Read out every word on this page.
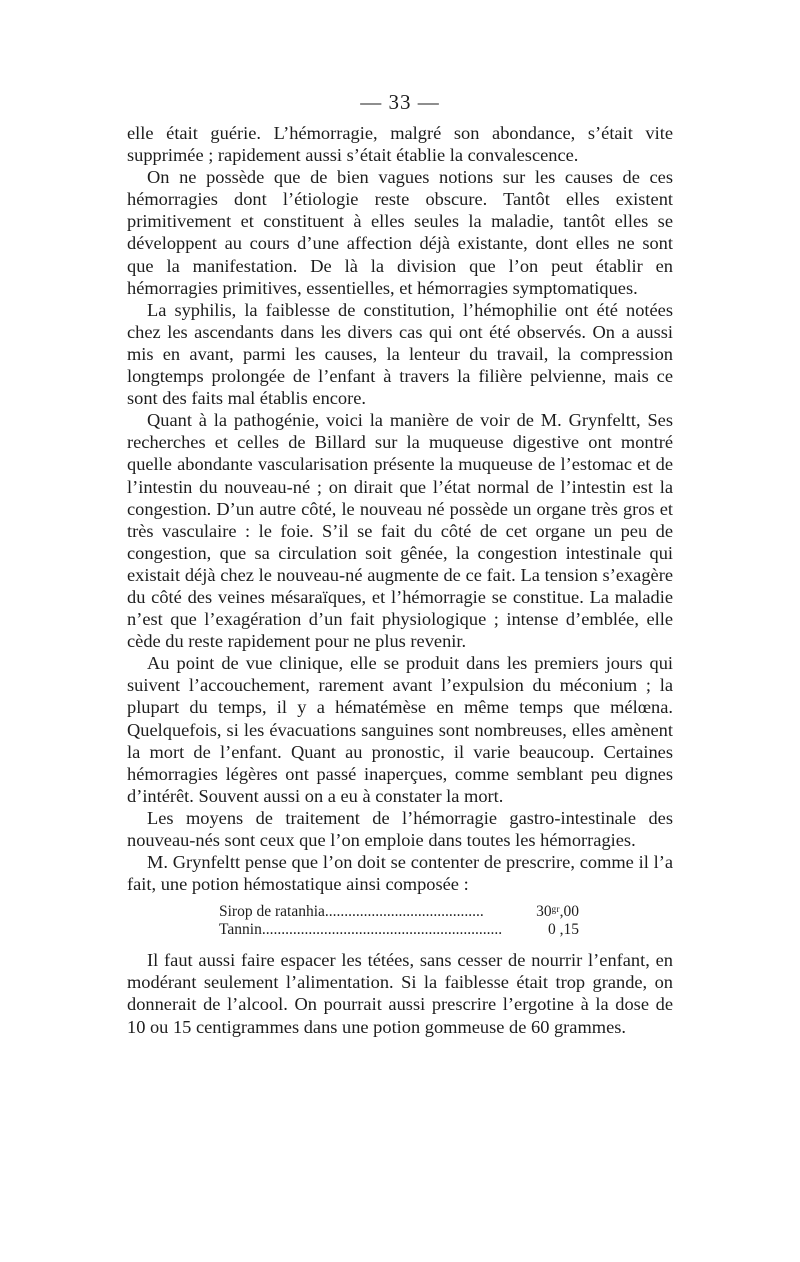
— 33 —

elle était guérie. L’hémorragie, malgré son abondance, s’était vite supprimée ; rapidement aussi s’était établie la convalescence.

On ne possède que de bien vagues notions sur les causes de ces hémorragies dont l’étiologie reste obscure. Tantôt elles existent primitivement et constituent à elles seules la maladie, tantôt elles se développent au cours d’une affection déjà existante, dont elles ne sont que la manifestation. De là la division que l’on peut établir en hémorragies primitives, essentielles, et hémorragies symptomatiques.

La syphilis, la faiblesse de constitution, l’hémophilie ont été notées chez les ascendants dans les divers cas qui ont été observés. On a aussi mis en avant, parmi les causes, la lenteur du travail, la compression longtemps prolongée de l’enfant à travers la filière pelvienne, mais ce sont des faits mal établis encore.

Quant à la pathogénie, voici la manière de voir de M. Grynfeltt, Ses recherches et celles de Billard sur la muqueuse digestive ont montré quelle abondante vascularisation présente la muqueuse de l’estomac et de l’intestin du nouveau-né ; on dirait que l’état normal de l’intestin est la congestion. D’un autre côté, le nouveau né possède un organe très gros et très vasculaire : le foie. S’il se fait du côté de cet organe un peu de congestion, que sa circulation soit gênée, la congestion intestinale qui existait déjà chez le nouveau-né augmente de ce fait. La tension s’exagère du côté des veines mésaraïques, et l’hémorragie se constitue. La maladie n’est que l’exagération d’un fait physiologique ; intense d’emblée, elle cède du reste rapidement pour ne plus revenir.

Au point de vue clinique, elle se produit dans les premiers jours qui suivent l’accouchement, rarement avant l’expulsion du méconium ; la plupart du temps, il y a hématémèse en même temps que mélœna. Quelquefois, si les évacuations sanguines sont nombreuses, elles amènent la mort de l’enfant. Quant au pronostic, il varie beaucoup. Certaines hémorragies légères ont passé inaperçues, comme semblant peu dignes d’intérêt. Souvent aussi on a eu à constater la mort.

Les moyens de traitement de l’hémorragie gastro-intestinale des nouveau-nés sont ceux que l’on emploie dans toutes les hémorragies.

M. Grynfeltt pense que l’on doit se contenter de prescrire, comme il l’a fait, une potion hémostatique ainsi composée :

Sirop de ratanhia.........................................	30ᵍʳ,00
Tannin..............................................................	0 ,15

Il faut aussi faire espacer les tétées, sans cesser de nourrir l’enfant, en modérant seulement l’alimentation. Si la faiblesse était trop grande, on donnerait de l’alcool. On pourrait aussi prescrire l’ergotine à la dose de 10 ou 15 centigrammes dans une potion gommeuse de 60 grammes.
